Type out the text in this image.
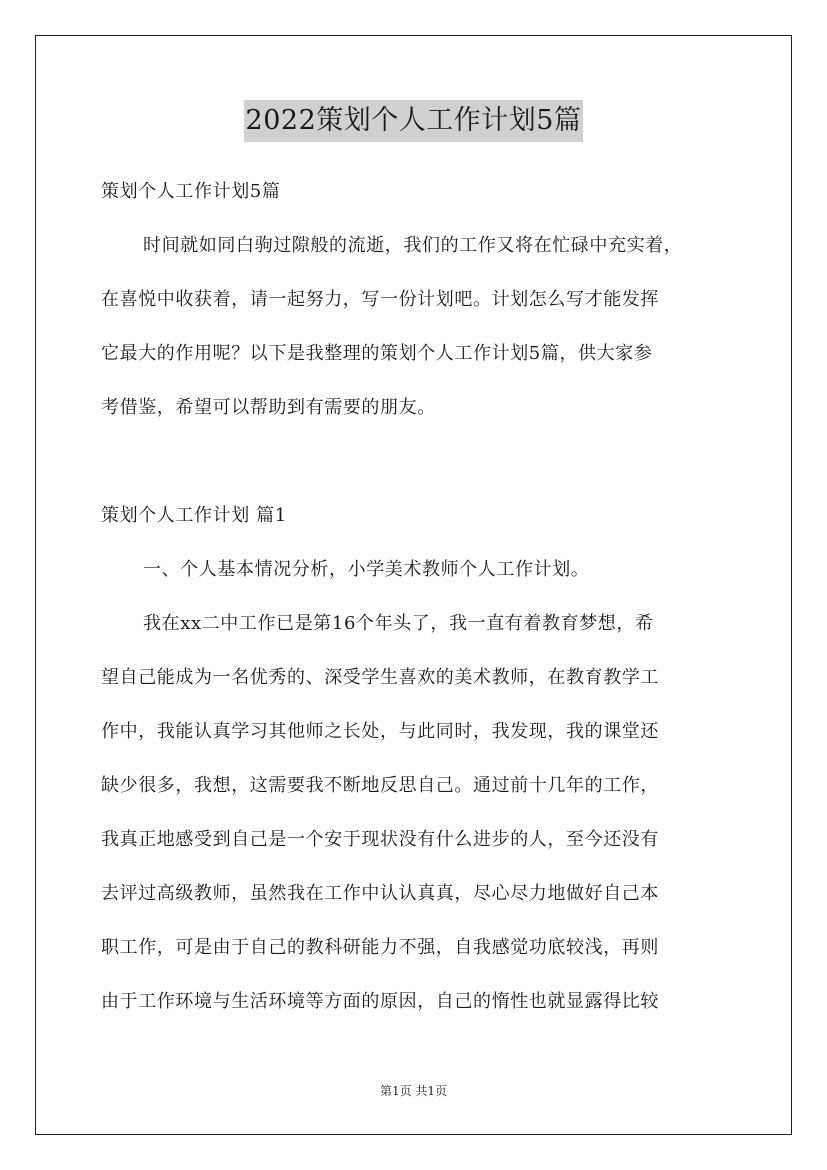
2022策划个人工作计划5篇
策划个人工作计划5篇
时间就如同白驹过隙般的流逝，我们的工作又将在忙碌中充实着，
在喜悦中收获着，请一起努力，写一份计划吧。计划怎么写才能发挥
它最大的作用呢？以下是我整理的策划个人工作计划5篇，供大家参
考借鉴，希望可以帮助到有需要的朋友。
策划个人工作计划 篇1
一、个人基本情况分析，小学美术教师个人工作计划。
我在xx二中工作已是第16个年头了，我一直有着教育梦想，希
望自己能成为一名优秀的、深受学生喜欢的美术教师，在教育教学工
作中，我能认真学习其他师之长处，与此同时，我发现，我的课堂还
缺少很多，我想，这需要我不断地反思自己。通过前十几年的工作，
我真正地感受到自己是一个安于现状没有什么进步的人，至今还没有
去评过高级教师，虽然我在工作中认认真真，尽心尽力地做好自己本
职工作，可是由于自己的教科研能力不强，自我感觉功底较浅，再则
由于工作环境与生活环境等方面的原因，自己的惰性也就显露得比较
第1页 共1页
